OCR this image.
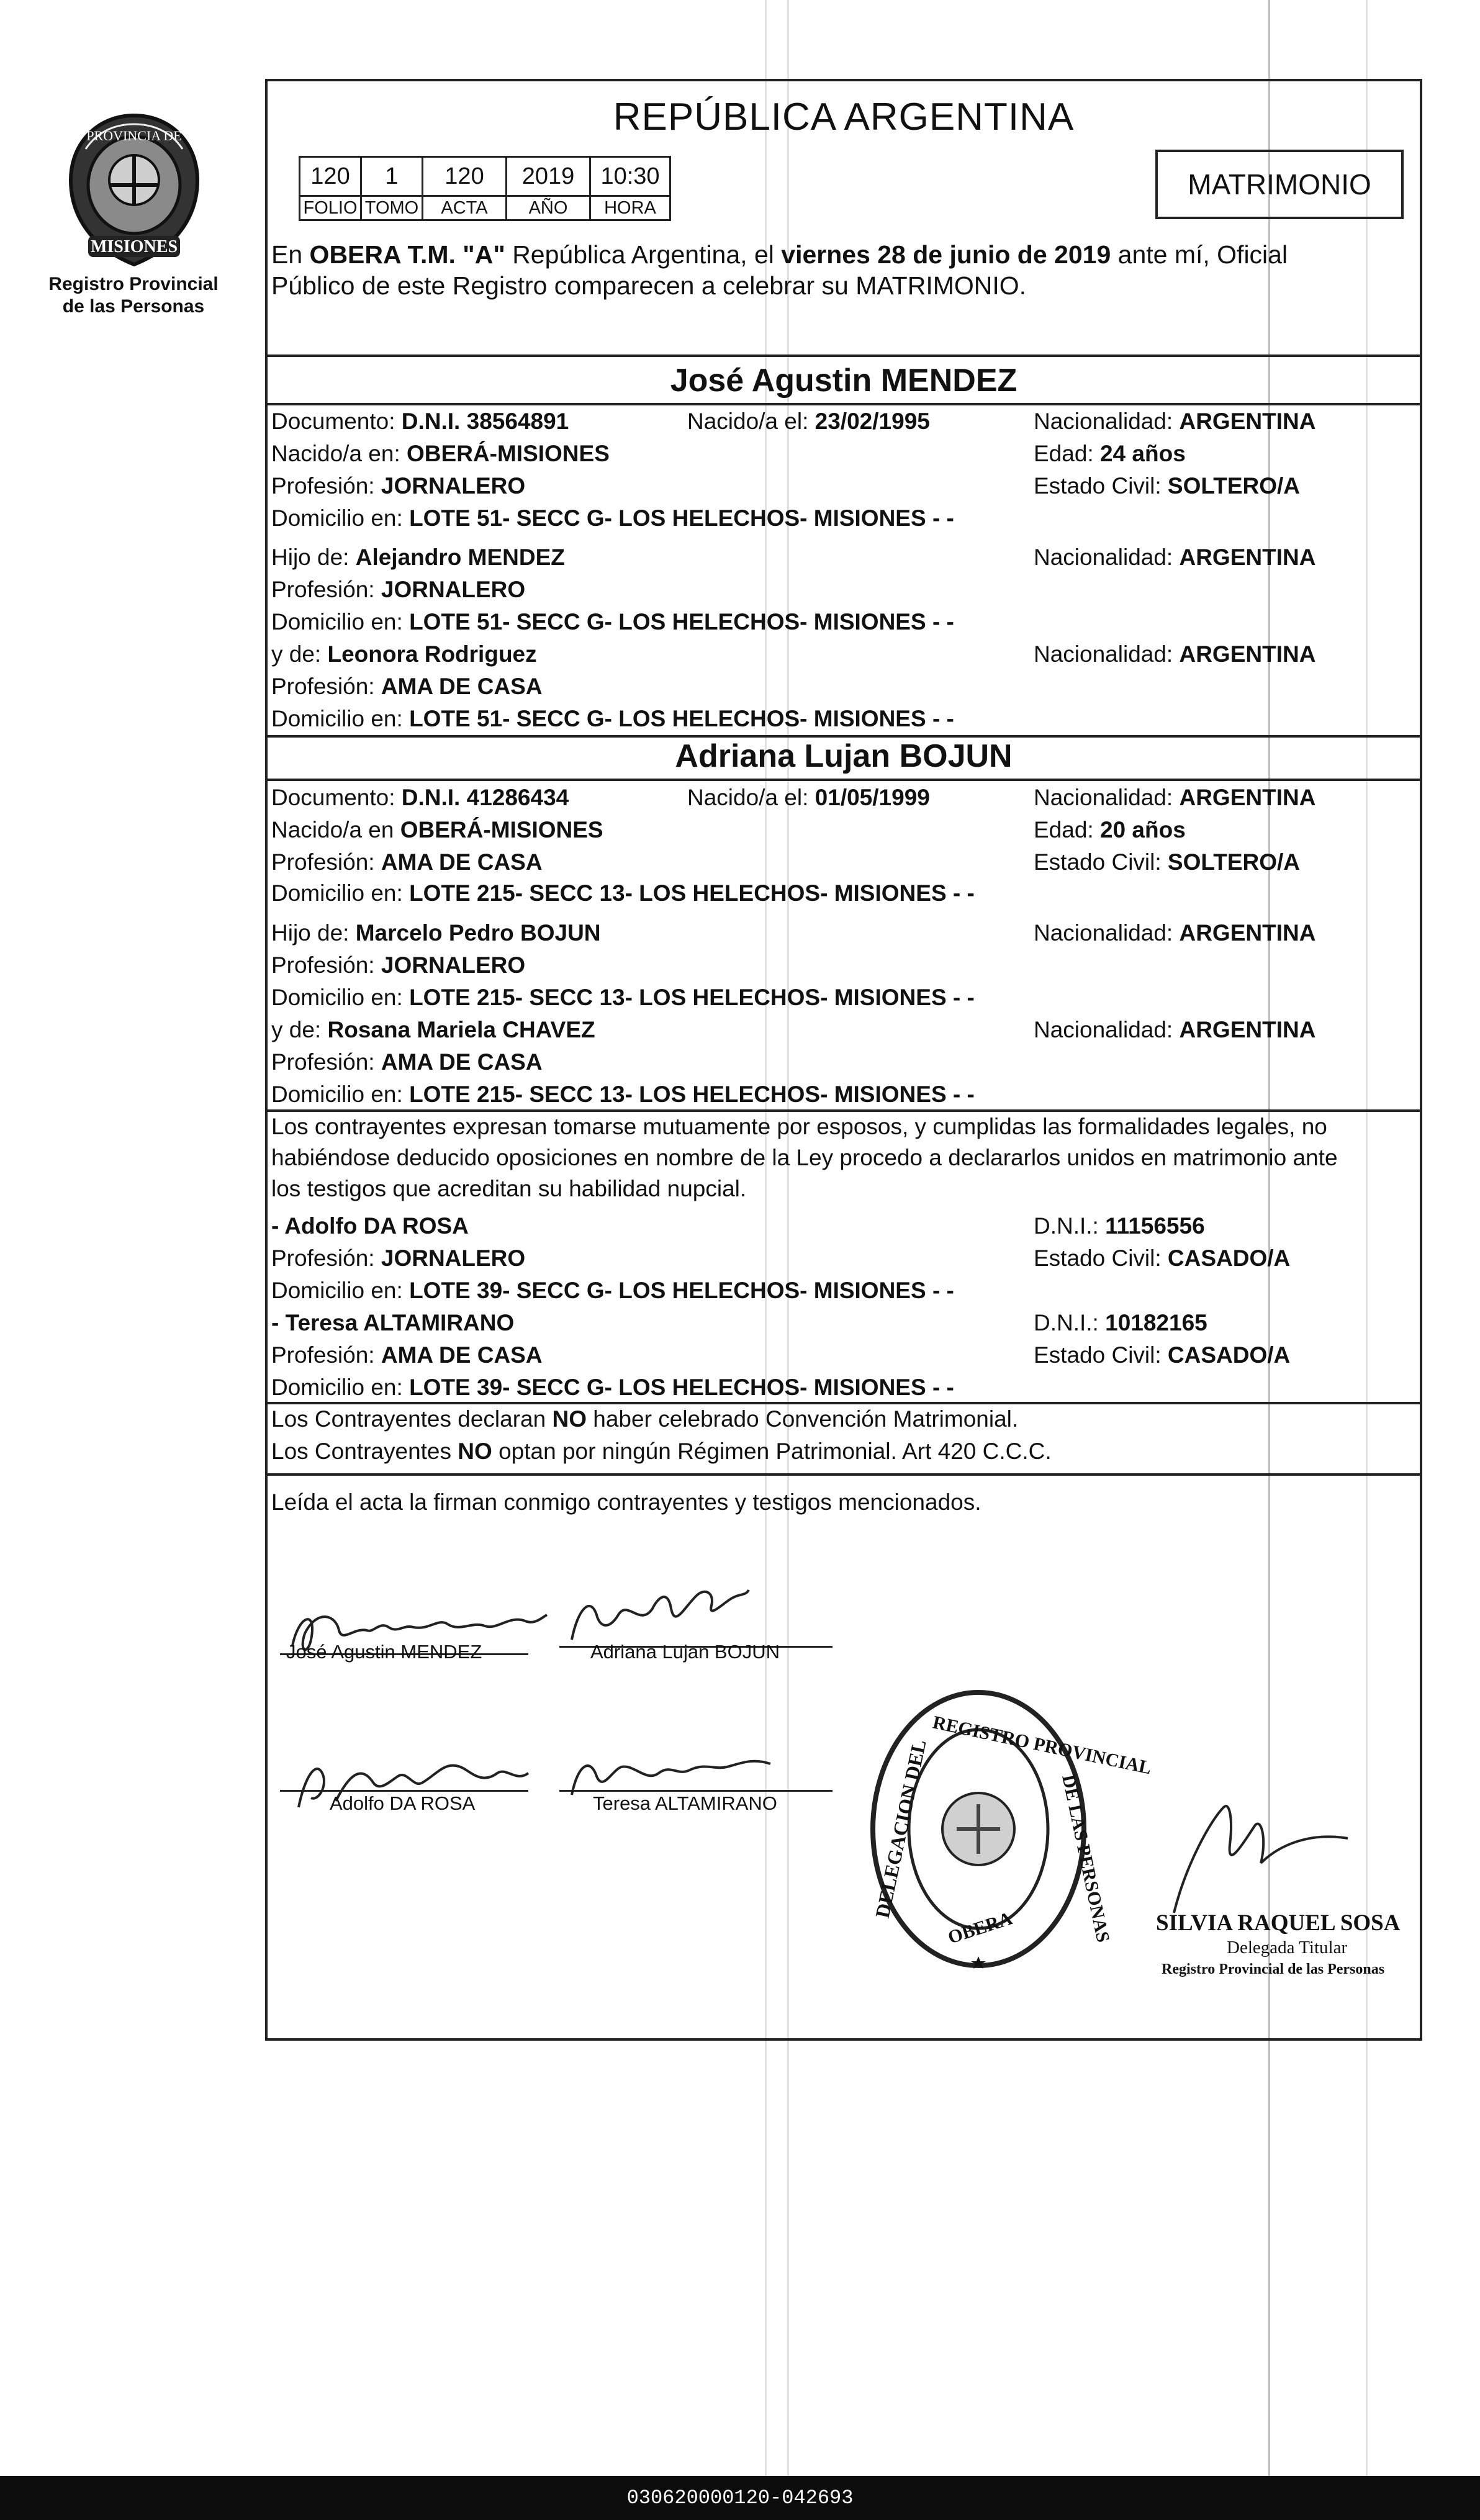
PROVINCIA DE
MISIONES
Registro Provincial
de las Personas
REPÚBLICA ARGENTINA
120	1	120	2019	10:30
FOLIO	TOMO	ACTA	AÑO	HORA
MATRIMONIO
En OBERA T.M. "A" República Argentina, el viernes 28 de junio de 2019 ante mí, Oficial
Público de este Registro comparecen a celebrar su MATRIMONIO.
José Agustin MENDEZ
Documento: D.N.I. 38564891	Nacido/a el: 23/02/1995	Nacionalidad: ARGENTINA
Nacido/a en: OBERÁ-MISIONES	Edad: 24 años
Profesión: JORNALERO	Estado Civil: SOLTERO/A
Domicilio en: LOTE 51- SECC G- LOS HELECHOS- MISIONES - -
Hijo de: Alejandro MENDEZ	Nacionalidad: ARGENTINA
Profesión: JORNALERO
Domicilio en: LOTE 51- SECC G- LOS HELECHOS- MISIONES - -
y de: Leonora Rodriguez	Nacionalidad: ARGENTINA
Profesión: AMA DE CASA
Domicilio en: LOTE 51- SECC G- LOS HELECHOS- MISIONES - -
Adriana Lujan BOJUN
Documento: D.N.I. 41286434	Nacido/a el: 01/05/1999	Nacionalidad: ARGENTINA
Nacido/a en OBERÁ-MISIONES	Edad: 20 años
Profesión: AMA DE CASA	Estado Civil: SOLTERO/A
Domicilio en: LOTE 215- SECC 13- LOS HELECHOS- MISIONES - -
Hijo de: Marcelo Pedro BOJUN	Nacionalidad: ARGENTINA
Profesión: JORNALERO
Domicilio en: LOTE 215- SECC 13- LOS HELECHOS- MISIONES - -
y de: Rosana Mariela CHAVEZ	Nacionalidad: ARGENTINA
Profesión: AMA DE CASA
Domicilio en: LOTE 215- SECC 13- LOS HELECHOS- MISIONES - -
Los contrayentes expresan tomarse mutuamente por esposos, y cumplidas las formalidades legales, no
habiéndose deducido oposiciones en nombre de la Ley procedo a declararlos unidos en matrimonio ante
los testigos que acreditan su habilidad nupcial.
- Adolfo DA ROSA	D.N.I.: 11156556
Profesión: JORNALERO	Estado Civil: CASADO/A
Domicilio en: LOTE 39- SECC G- LOS HELECHOS- MISIONES - -
- Teresa ALTAMIRANO	D.N.I.: 10182165
Profesión: AMA DE CASA	Estado Civil: CASADO/A
Domicilio en: LOTE 39- SECC G- LOS HELECHOS- MISIONES - -
Los Contrayentes declaran NO haber celebrado Convención Matrimonial.
Los Contrayentes NO optan por ningún Régimen Patrimonial. Art 420 C.C.C.
Leída el acta la firman conmigo contrayentes y testigos mencionados.
José Agustin MENDEZ	Adriana Lujan BOJUN
Adolfo DA ROSA	Teresa ALTAMIRANO	DELEGACION DEL REGISTRO PROVINCIAL
DE LAS PERSONAS
OBERA	SILVIA RAQUEL SOSA
Delegada Titular
Registro Provincial de las Personas
030620000120-042693
